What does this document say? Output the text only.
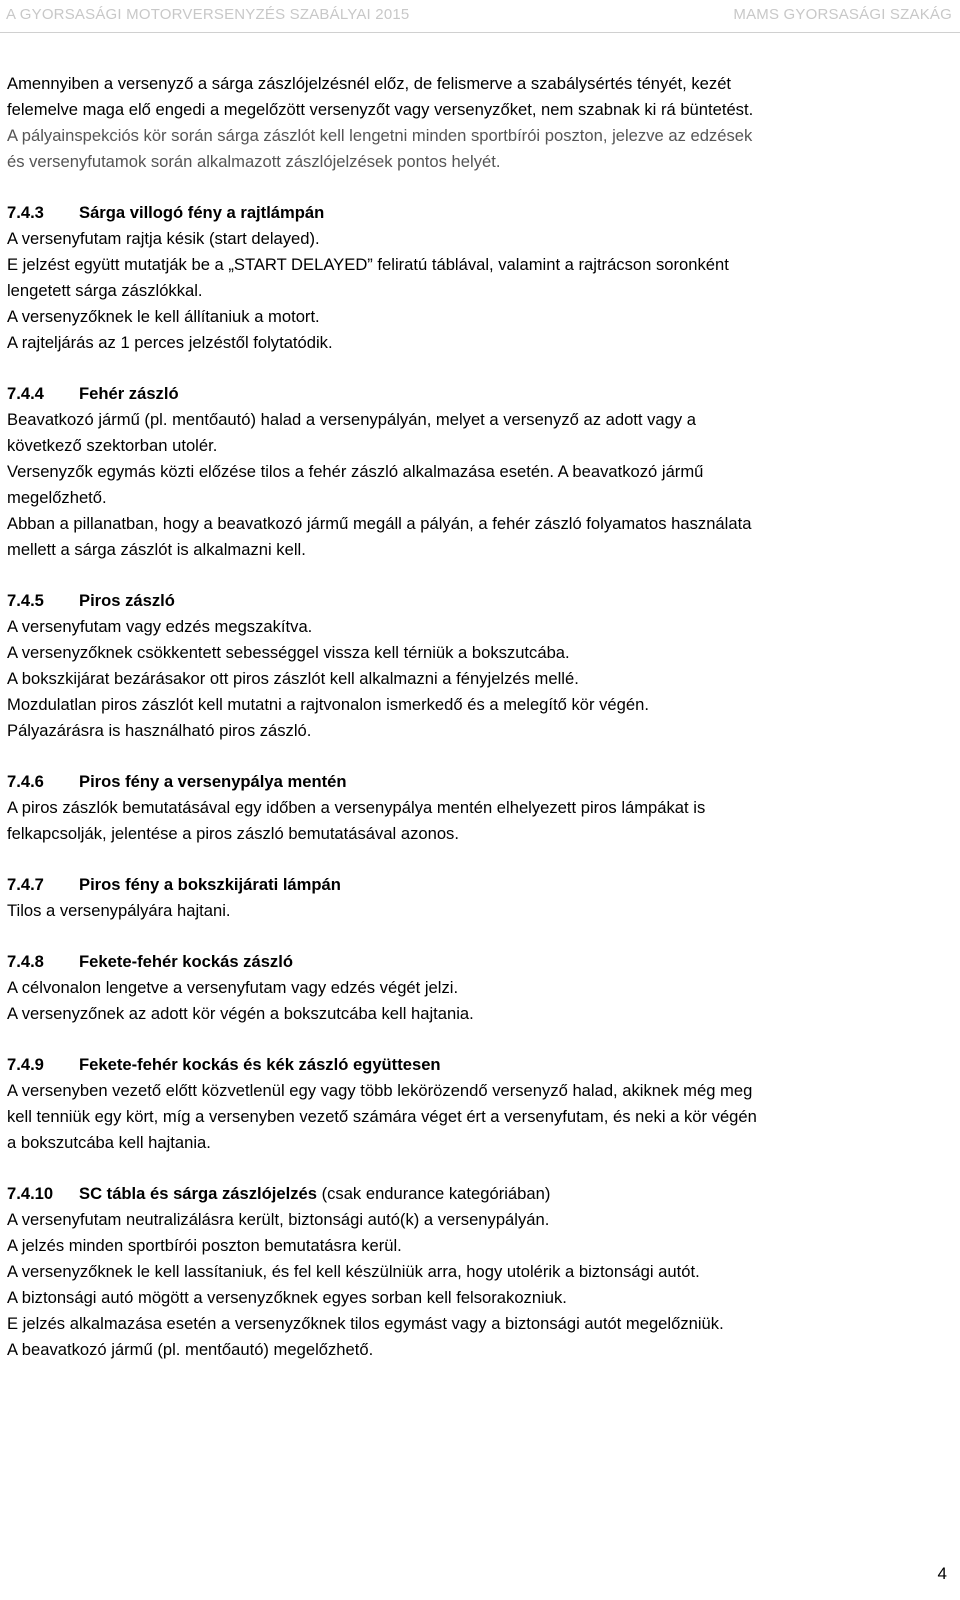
A GYORSASÁGI MOTORVERSENYZÉS SZABÁLYAI 2015	MAMS GYORSASÁGI SZAKÁG

Amennyiben a versenyző a sárga zászlójelzésnél előz, de felismerve a szabálysértés tényét, kezét

felemelve maga elő engedi a megelőzött versenyzőt vagy versenyzőket, nem szabnak ki rá büntetést.

A pályainspekciós kör során sárga zászlót kell lengetni minden sportbírói poszton, jelezve az edzések

és versenyfutamok során alkalmazott zászlójelzések pontos helyét.

7.4.3 Sárga villogó fény a rajtlámpán

A versenyfutam rajtja késik (start delayed).

E jelzést együtt mutatják be a „START DELAYED” feliratú táblával, valamint a rajtrácson soronként

lengetett sárga zászlókkal.

A versenyzőknek le kell állítaniuk a motort.

A rajteljárás az 1 perces jelzéstől folytatódik.

7.4.4 Fehér zászló

Beavatkozó jármű (pl. mentőautó) halad a versenypályán, melyet a versenyző az adott vagy a

következő szektorban utolér.

Versenyzők egymás közti előzése tilos a fehér zászló alkalmazása esetén. A beavatkozó jármű

megelőzhető.

Abban a pillanatban, hogy a beavatkozó jármű megáll a pályán, a fehér zászló folyamatos használata

mellett a sárga zászlót is alkalmazni kell.

7.4.5 Piros zászló

A versenyfutam vagy edzés megszakítva.

A versenyzőknek csökkentett sebességgel vissza kell térniük a bokszutcába.

A bokszkijárat bezárásakor ott piros zászlót kell alkalmazni a fényjelzés mellé.

Mozdulatlan piros zászlót kell mutatni a rajtvonalon ismerkedő és a melegítő kör végén.

Pályazárásra is használható piros zászló.

7.4.6 Piros fény a versenypálya mentén

A piros zászlók bemutatásával egy időben a versenypálya mentén elhelyezett piros lámpákat is

felkapcsolják, jelentése a piros zászló bemutatásával azonos.

7.4.7 Piros fény a bokszkijárati lámpán

Tilos a versenypályára hajtani.

7.4.8 Fekete-fehér kockás zászló

A célvonalon lengetve a versenyfutam vagy edzés végét jelzi.

A versenyzőnek az adott kör végén a bokszutcába kell hajtania.

7.4.9 Fekete-fehér kockás és kék zászló együttesen

A versenyben vezető előtt közvetlenül egy vagy több lekörözendő versenyző halad, akiknek még meg

kell tenniük egy kört, míg a versenyben vezető számára véget ért a versenyfutam, és neki a kör végén

a bokszutcába kell hajtania.

7.4.10 SC tábla és sárga zászlójelzés (csak endurance kategóriában)

A versenyfutam neutralizálásra került, biztonsági autó(k) a versenypályán.

A jelzés minden sportbírói poszton bemutatásra kerül.

A versenyzőknek le kell lassítaniuk, és fel kell készülniük arra, hogy utolérik a biztonsági autót.

A biztonsági autó mögött a versenyzőknek egyes sorban kell felsorakozniuk.

E jelzés alkalmazása esetén a versenyzőknek tilos egymást vagy a biztonsági autót megelőzniük.

A beavatkozó jármű (pl. mentőautó) megelőzhető.

4
